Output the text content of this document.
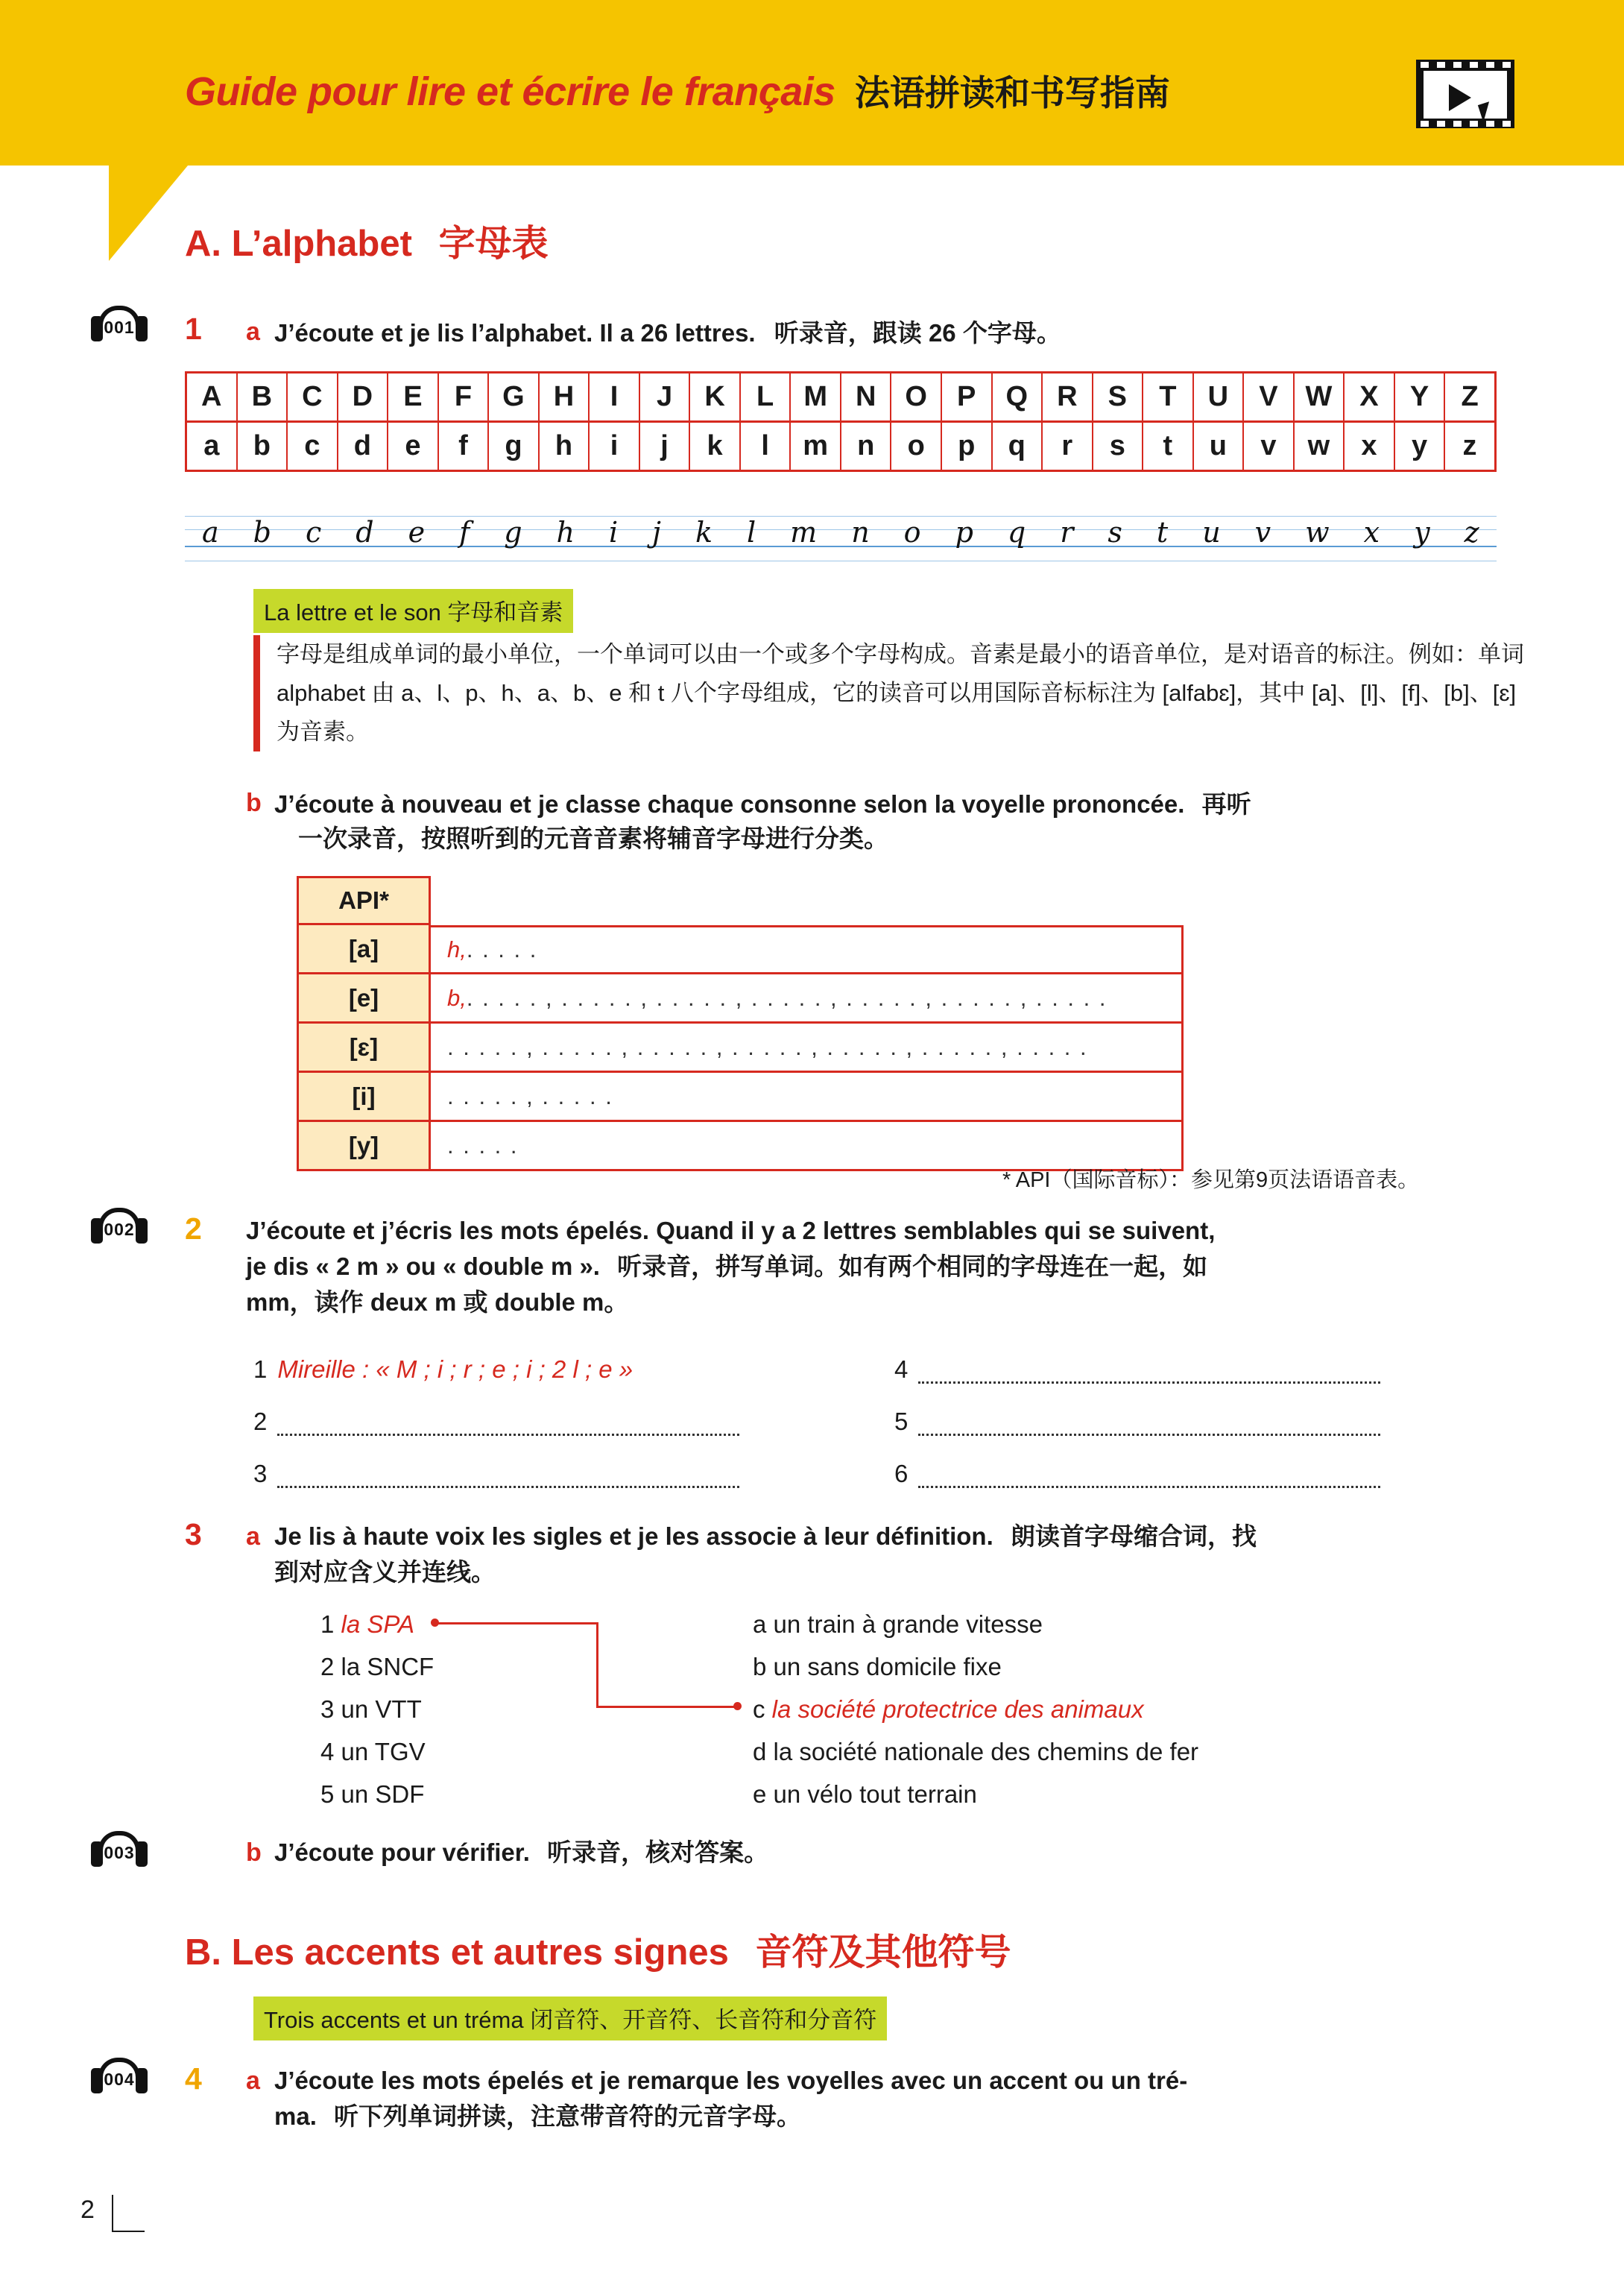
Guide pour lire et écrire le français 法语拼读和书写指南
A. L’alphabet 字母表
001	1 a J’écoute et je lis l’alphabet. Il a 26 lettres. 听录音，跟读 26 个字母。
A	B	C	D	E	F	G	H	I	J	K	L	M N	O	P	Q	R	S	T	U	V W X	Y	Z
a	b	c	d	e	f	g	h	i	j	k	l	m	n	o	p	q	r	s	t	u	v	w	x	y	z
a b c d e f g h i j k l m n o p q r s t u v w x y z
La lettre et le son 字母和音素
字母是组成单词的最小单位，一个单词可以由一个或多个字母构成。音素是最小的语音单位，是对语音的标注。例如：单词 alphabet 由 a、l、p、h、a、b、e 和 t 八个字母组成，它的读音可以用国际音标标注为 [alfabɛ]，其中 [a]、[l]、[f]、[b]、[ɛ] 为音素。
b J’écoute à nouveau et je classe chaque consonne selon la voyelle prononcée. 再听
一次录音，按照听到的元音音素将辅音字母进行分类。
API*
[a]	h, . . . . .
[e]	b, . . . . . , . . . . . , . . . . . , . . . . . , . . . . . , . . . . . , . . . . .
[ɛ]	. . . . . , . . . . . , . . . . . , . . . . . , . . . . . , . . . . . , . . . . .
[i]	. . . . . , . . . . .
[y]	. . . . .
* API（国际音标）：参见第9页法语语音表。
002	2 J’écoute et j’écris les mots épelés. Quand il y a 2 lettres semblables qui se suivent,
je dis « 2 m » ou « double m ». 听录音，拼写单词。如有两个相同的字母连在一起，如
mm，读作 deux m 或 double m。
1 Mireille : « M ; i ; r ; e ; i ; 2 l ; e »
2
3
4
5
6
3 a Je lis à haute voix les sigles et je les associe à leur définition. 朗读首字母缩合词，找
到对应含义并连线。
1 la SPA
2 la SNCF
3 un VTT
4 un TGV
5 un SDF
a un train à grande vitesse
b un sans domicile fixe
c la société protectrice des animaux
d la société nationale des chemins de fer
e un vélo tout terrain
003	b J’écoute pour vérifier. 听录音，核对答案。
B. Les accents et autres signes 音符及其他符号
Trois accents et un tréma 闭音符、开音符、长音符和分音符
004	4 a J’écoute les mots épelés et je remarque les voyelles avec un accent ou un tré-
ma. 听下列单词拼读，注意带音符的元音字母。
2
